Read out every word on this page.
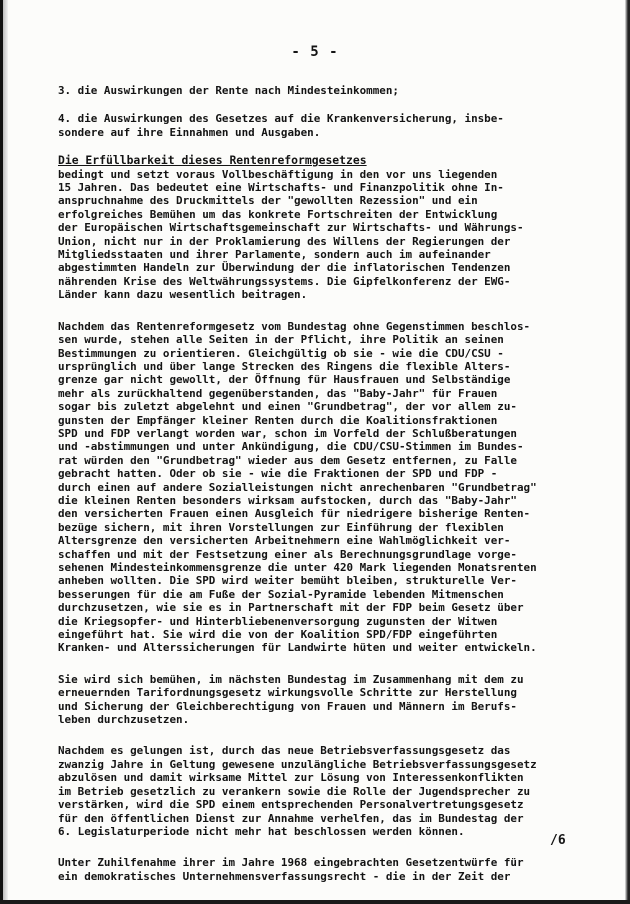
- 5 -

3. die Auswirkungen der Rente nach Mindesteinkommen;

4. die Auswirkungen des Gesetzes auf die Krankenversicherung, insbe-
sondere auf ihre Einnahmen und Ausgaben.

Die Erfüllbarkeit dieses Rentenreformgesetzes

bedingt und setzt voraus Vollbeschäftigung in den vor uns liegenden
15 Jahren. Das bedeutet eine Wirtschafts- und Finanzpolitik ohne In-
anspruchnahme des Druckmittels der "gewollten Rezession" und ein
erfolgreiches Bemühen um das konkrete Fortschreiten der Entwicklung
der Europäischen Wirtschaftsgemeinschaft zur Wirtschafts- und Währungs-
Union, nicht nur in der Proklamierung des Willens der Regierungen der
Mitgliedsstaaten und ihrer Parlamente, sondern auch im aufeinander
abgestimmten Handeln zur Überwindung der die inflatorischen Tendenzen
nährenden Krise des Weltwährungssystems. Die Gipfelkonferenz der EWG-
Länder kann dazu wesentlich beitragen.

Nachdem das Rentenreformgesetz vom Bundestag ohne Gegenstimmen beschlos-
sen wurde, stehen alle Seiten in der Pflicht, ihre Politik an seinen
Bestimmungen zu orientieren. Gleichgültig ob sie - wie die CDU/CSU -
ursprünglich und über lange Strecken des Ringens die flexible Alters-
grenze gar nicht gewollt, der Öffnung für Hausfrauen und Selbständige
mehr als zurückhaltend gegenüberstanden, das "Baby-Jahr" für Frauen
sogar bis zuletzt abgelehnt und einen "Grundbetrag", der vor allem zu-
gunsten der Empfänger kleiner Renten durch die Koalitionsfraktionen
SPD und FDP verlangt worden war, schon im Vorfeld der Schlußberatungen
und -abstimmungen und unter Ankündigung, die CDU/CSU-Stimmen im Bundes-
rat würden den "Grundbetrag" wieder aus dem Gesetz entfernen, zu Falle
gebracht hatten. Oder ob sie - wie die Fraktionen der SPD und FDP -
durch einen auf andere Sozialleistungen nicht anrechenbaren "Grundbetrag"
die kleinen Renten besonders wirksam aufstocken, durch das "Baby-Jahr"
den versicherten Frauen einen Ausgleich für niedrigere bisherige Renten-
bezüge sichern, mit ihren Vorstellungen zur Einführung der flexiblen
Altersgrenze den versicherten Arbeitnehmern eine Wahlmöglichkeit ver-
schaffen und mit der Festsetzung einer als Berechnungsgrundlage vorge-
sehenen Mindesteinkommensgrenze die unter 420 Mark liegenden Monatsrenten
anheben wollten. Die SPD wird weiter bemüht bleiben, strukturelle Ver-
besserungen für die am Fuße der Sozial-Pyramide lebenden Mitmenschen
durchzusetzen, wie sie es in Partnerschaft mit der FDP beim Gesetz über
die Kriegsopfer- und Hinterbliebenenversorgung zugunsten der Witwen
eingeführt hat. Sie wird die von der Koalition SPD/FDP eingeführten
Kranken- und Alterssicherungen für Landwirte hüten und weiter entwickeln.

Sie wird sich bemühen, im nächsten Bundestag im Zusammenhang mit dem zu
erneuernden Tarifordnungsgesetz wirkungsvolle Schritte zur Herstellung
und Sicherung der Gleichberechtigung von Frauen und Männern im Berufs-
leben durchzusetzen.

Nachdem es gelungen ist, durch das neue Betriebsverfassungsgesetz das
zwanzig Jahre in Geltung gewesene unzulängliche Betriebsverfassungsgesetz
abzulösen und damit wirksame Mittel zur Lösung von Interessenkonflikten
im Betrieb gesetzlich zu verankern sowie die Rolle der Jugendsprecher zu
verstärken, wird die SPD einem entsprechenden Personalvertretungsgesetz
für den öffentlichen Dienst zur Annahme verhelfen, das im Bundestag der
6. Legislaturperiode nicht mehr hat beschlossen werden können.

Unter Zuhilfenahme ihrer im Jahre 1968 eingebrachten Gesetzentwürfe für
ein demokratisches Unternehmensverfassungsrecht - die in der Zeit der

/6
